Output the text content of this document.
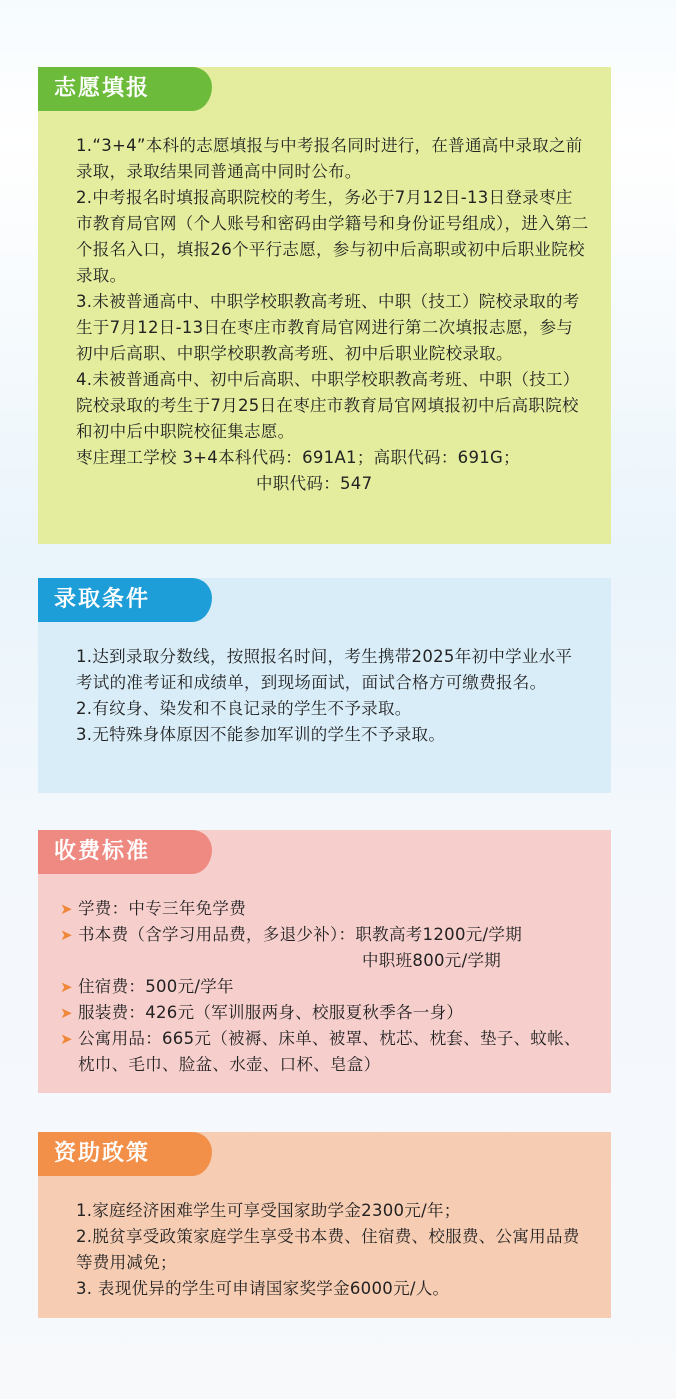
志愿填报
1.“3+4”本科的志愿填报与中考报名同时进行，在普通高中录取之前录取，录取结果同普通高中同时公布。
2.中考报名时填报高职院校的考生，务必于7月12日-13日登录枣庄市教育局官网（个人账号和密码由学籍号和身份证号组成），进入第二个报名入口，填报26个平行志愿，参与初中后高职或初中后职业院校录取。
3.未被普通高中、中职学校职教高考班、中职（技工）院校录取的考生于7月12日-13日在枣庄市教育局官网进行第二次填报志愿，参与初中后高职、中职学校职教高考班、初中后职业院校录取。
4.未被普通高中、初中后高职、中职学校职教高考班、中职（技工）院校录取的考生于7月25日在枣庄市教育局官网填报初中后高职院校和初中后中职院校征集志愿。
枣庄理工学校 3+4本科代码：691A1；高职代码：691G；
中职代码：547
录取条件
1.达到录取分数线，按照报名时间，考生携带2025年初中学业水平考试的准考证和成绩单，到现场面试，面试合格方可缴费报名。
2.有纹身、染发和不良记录的学生不予录取。
3.无特殊身体原因不能参加军训的学生不予录取。
收费标准
➤ 学费：中专三年免学费
➤ 书本费（含学习用品费，多退少补）：职教高考1200元/学期
中职班800元/学期
➤ 住宿费：500元/学年
➤ 服装费：426元（军训服两身、校服夏秋季各一身）
➤ 公寓用品：665元（被褥、床单、被罩、枕芯、枕套、垫子、蚊帐、枕巾、毛巾、脸盆、水壶、口杯、皂盒）
资助政策
1.家庭经济困难学生可享受国家助学金2300元/年；
2.脱贫享受政策家庭学生享受书本费、住宿费、校服费、公寓用品费等费用减免；
3. 表现优异的学生可申请国家奖学金6000元/人。
